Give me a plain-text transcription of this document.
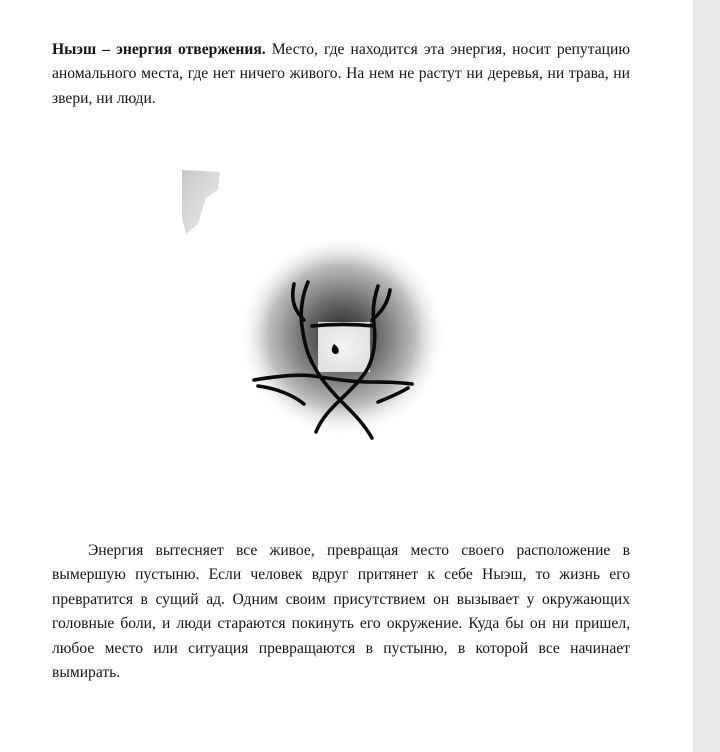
Ныэш – энергия отвержения. Место, где находится эта энергия, носит репутацию аномального места, где нет ничего живого. На нем не растут ни деревья, ни трава, ни звери, ни люди.

Энергия вытесняет все живое, превращая место своего расположение в вымершую пустыню. Если человек вдруг притянет к себе Ныэш, то жизнь его превратится в сущий ад. Одним своим присутствием он вызывает у окружающих головные боли, и люди стараются покинуть его окружение. Куда бы он ни пришел, любое место или ситуация превращаются в пустыню, в которой все начинает вымирать.
